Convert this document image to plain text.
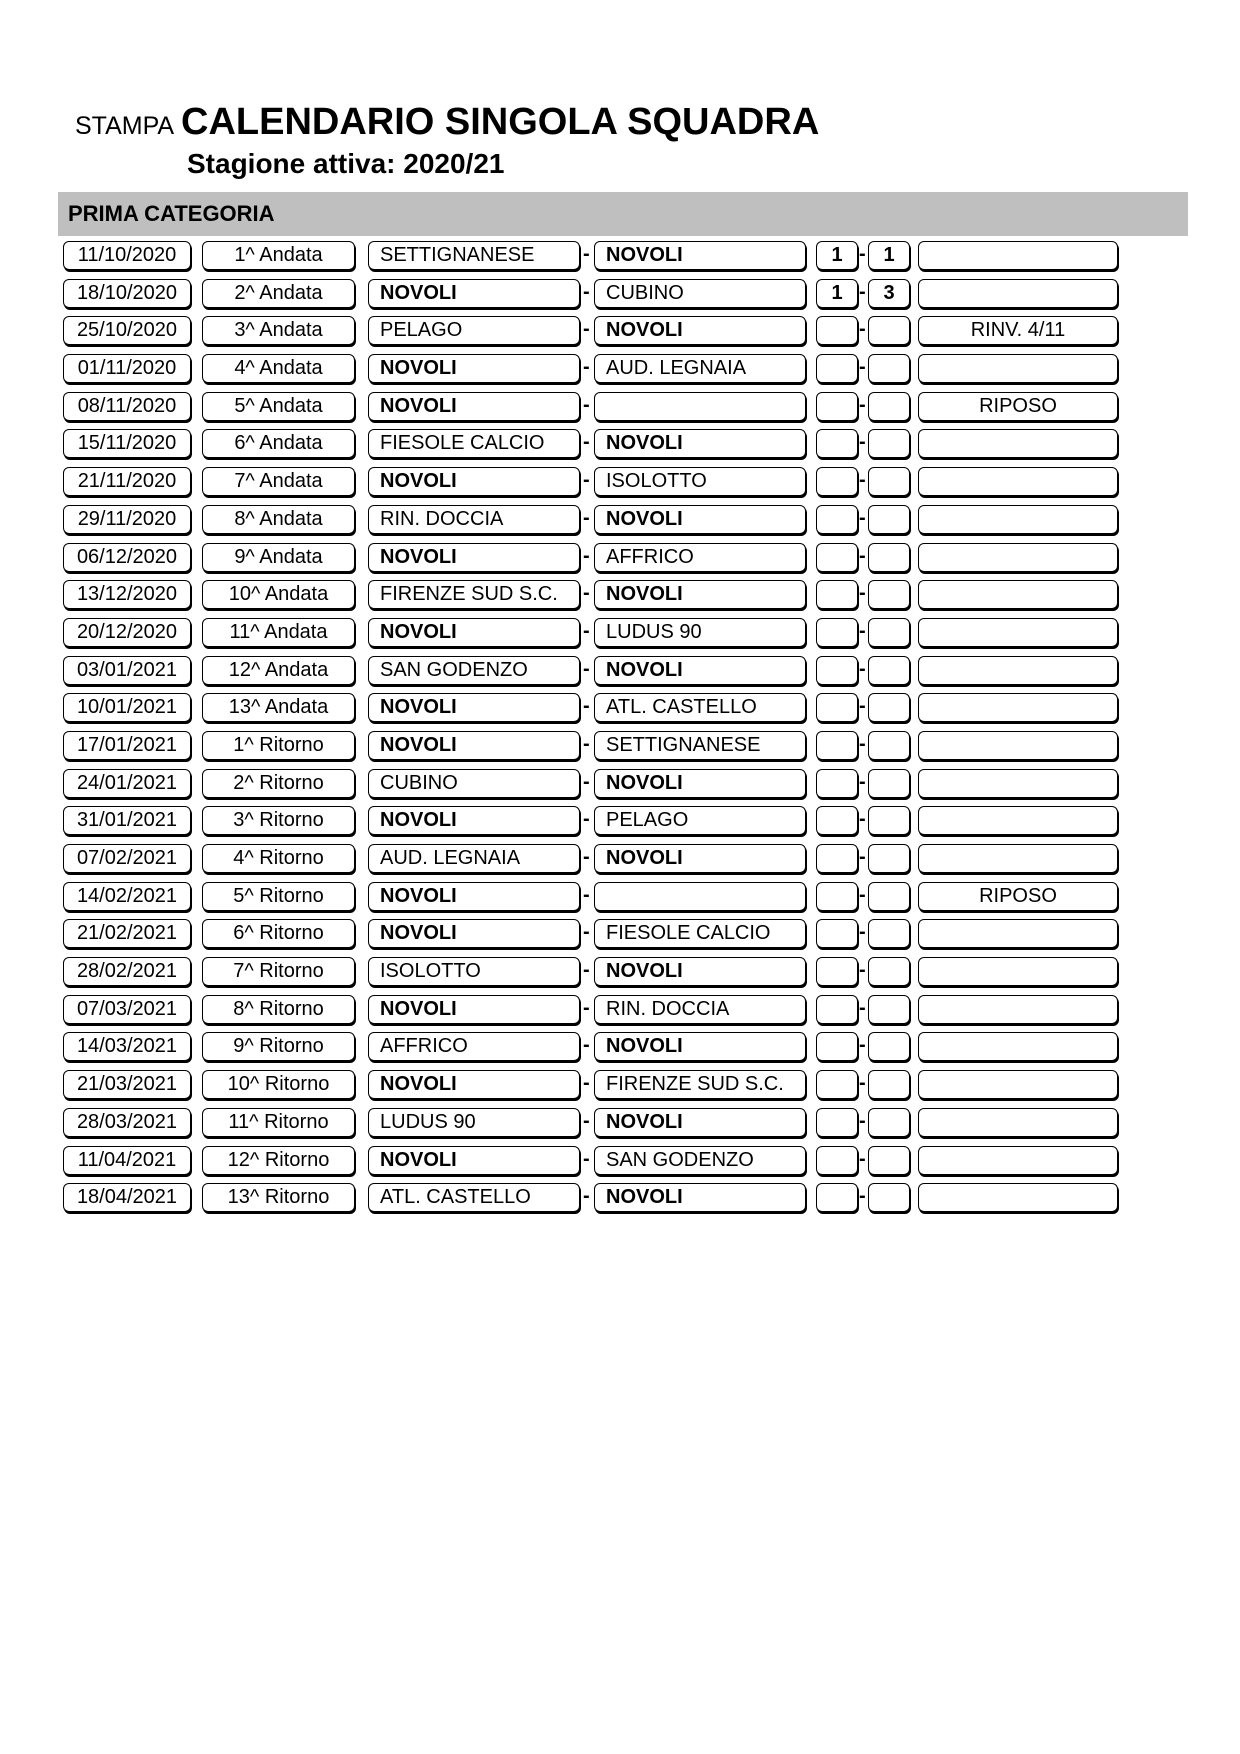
STAMPA CALENDARIO SINGOLA SQUADRA
Stagione attiva: 2020/21
PRIMA CATEGORIA
11/10/2020	1^ Andata	SETTIGNANESE	- NOVOLI	1 - 1
18/10/2020	2^ Andata	NOVOLI	- CUBINO	1 - 3
25/10/2020	3^ Andata	PELAGO	- NOVOLI	-	RINV. 4/11
01/11/2020	4^ Andata	NOVOLI	- AUD. LEGNAIA	-
08/11/2020	5^ Andata	NOVOLI	-	-	RIPOSO
15/11/2020	6^ Andata	FIESOLE CALCIO	- NOVOLI	-
21/11/2020	7^ Andata	NOVOLI	- ISOLOTTO	-
29/11/2020	8^ Andata	RIN. DOCCIA	- NOVOLI	-
06/12/2020	9^ Andata	NOVOLI	- AFFRICO	-
13/12/2020	10^ Andata	FIRENZE SUD S.C.	- NOVOLI	-
20/12/2020	11^ Andata	NOVOLI	- LUDUS 90	-
03/01/2021	12^ Andata	SAN GODENZO	- NOVOLI	-
10/01/2021	13^ Andata	NOVOLI	- ATL. CASTELLO	-
17/01/2021	1^ Ritorno	NOVOLI	- SETTIGNANESE	-
24/01/2021	2^ Ritorno	CUBINO	- NOVOLI	-
31/01/2021	3^ Ritorno	NOVOLI	- PELAGO	-
07/02/2021	4^ Ritorno	AUD. LEGNAIA	- NOVOLI	-
14/02/2021	5^ Ritorno	NOVOLI	-	-	RIPOSO
21/02/2021	6^ Ritorno	NOVOLI	- FIESOLE CALCIO	-
28/02/2021	7^ Ritorno	ISOLOTTO	- NOVOLI	-
07/03/2021	8^ Ritorno	NOVOLI	- RIN. DOCCIA	-
14/03/2021	9^ Ritorno	AFFRICO	- NOVOLI	-
21/03/2021	10^ Ritorno	NOVOLI	- FIRENZE SUD S.C.	-
28/03/2021	11^ Ritorno	LUDUS 90	- NOVOLI	-
11/04/2021	12^ Ritorno	NOVOLI	- SAN GODENZO	-
18/04/2021	13^ Ritorno	ATL. CASTELLO	- NOVOLI	-
